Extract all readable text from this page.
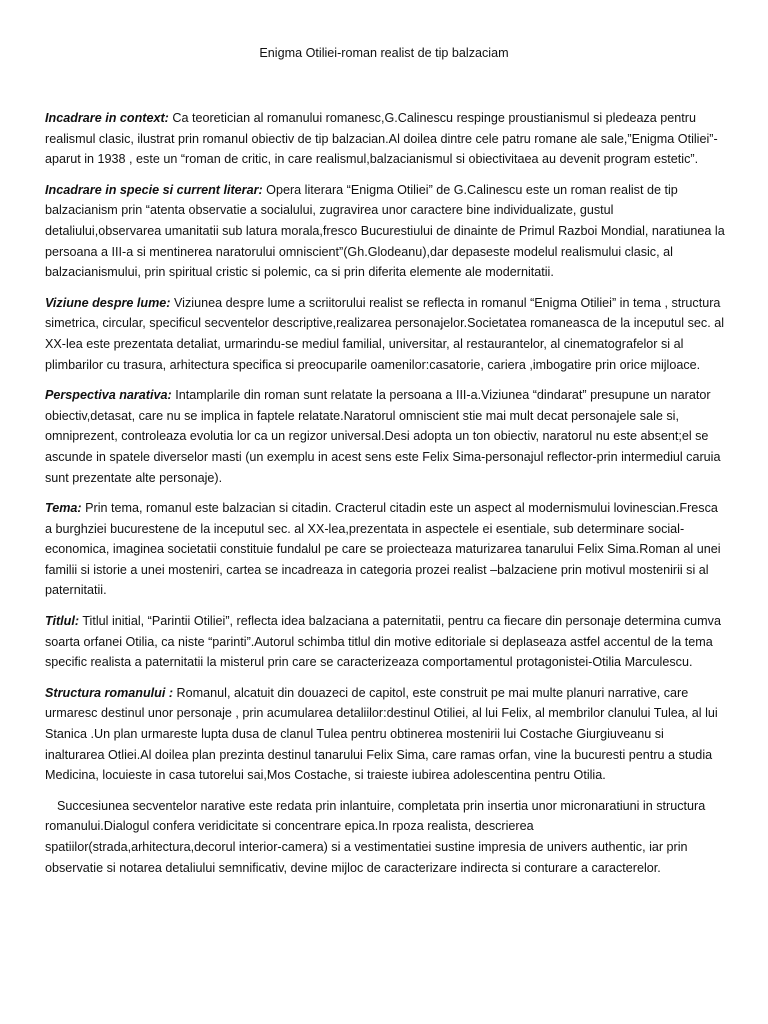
Enigma Otiliei-roman realist de tip balzaciam

Incadrare in context: Ca teoretician al romanului romanesc,G.Calinescu respinge proustianismul si pledeaza pentru realismul clasic, ilustrat prin romanul obiectiv de tip balzacian.Al doilea dintre cele patru romane ale sale,”Enigma Otiliei”-aparut in 1938 , este un “roman de critic, in care realismul,balzacianismul si obiectivitaea au devenit program estetic”.

Incadrare in specie si current literar: Opera literara “Enigma Otiliei” de G.Calinescu este un roman realist de tip balzacianism prin “atenta observatie a socialului, zugravirea unor caractere bine individualizate, gustul detaliului,observarea umanitatii sub latura morala,fresco Bucurestiului de dinainte de Primul Razboi Mondial, naratiunea la persoana a III-a si mentinerea naratorului omniscient”(Gh.Glodeanu),dar depaseste modelul realismului clasic, al balzacianismului, prin spiritual cristic si polemic, ca si prin diferita elemente ale modernitatii.

Viziune despre lume: Viziunea despre lume a scriitorului realist se reflecta in romanul “Enigma Otiliei” in tema , structura simetrica, circular, specificul secventelor descriptive,realizarea personajelor.Societatea romaneasca de la inceputul sec. al XX-lea este prezentata detaliat, urmarindu-se mediul familial, universitar, al restaurantelor, al cinematografelor si al plimbarilor cu trasura, arhitectura specifica si preocuparile oamenilor:casatorie, cariera ,imbogatire prin orice mijloace.

Perspectiva narativa: Intamplarile din roman sunt relatate la persoana a III-a.Viziunea “dindarat” presupune un narator obiectiv,detasat, care nu se implica in faptele relatate.Naratorul omniscient stie mai mult decat personajele sale si, omniprezent, controleaza evolutia lor ca un regizor universal.Desi adopta un ton obiectiv, naratorul nu este absent;el se ascunde in spatele diverselor masti (un exemplu in acest sens este Felix Sima-personajul reflector-prin intermediul caruia sunt prezentate alte personaje).

Tema: Prin tema, romanul este balzacian si citadin. Cracterul citadin este un aspect al modernismului lovinescian.Fresca a burghziei bucurestene de la inceputul sec. al XX-lea,prezentata in aspectele ei esentiale, sub determinare social-economica, imaginea societatii constituie fundalul pe care se proiecteaza maturizarea tanarului Felix Sima.Roman al unei familii si istorie a unei mosteniri, cartea se incadreaza in categoria prozei realist –balzaciene prin motivul mostenirii si al paternitatii.

Titlul: Titlul initial, “Parintii Otiliei”, reflecta idea balzaciana a paternitatii, pentru ca fiecare din personaje determina cumva soarta orfanei Otilia, ca niste “parinti”.Autorul schimba titlul din motive editoriale si deplaseaza astfel accentul de la tema specific realista a paternitatii la misterul prin care se caracterizeaza comportamentul protagonistei-Otilia Marculescu.

Structura romanului : Romanul, alcatuit din douazeci de capitol, este construit pe mai multe planuri narrative, care urmaresc destinul unor personaje , prin acumularea detaliilor:destinul Otiliei, al lui Felix, al membrilor clanului Tulea, al lui Stanica .Un plan urmareste lupta dusa de clanul Tulea pentru obtinerea mostenirii lui Costache Giurgiuveanu si inalturarea Otliei.Al doilea plan prezinta destinul tanarului Felix Sima, care ramas orfan, vine la bucuresti pentru a studia Medicina, locuieste in casa tutorelui sai,Mos Costache, si traieste iubirea adolescentina pentru Otilia.

Succesiunea secventelor narative este redata prin inlantuire, completata prin insertia unor micronaratiuni in structura romanului.Dialogul confera veridicitate si concentrare epica.In rpoza realista, descrierea spatiilor(strada,arhitectura,decorul interior-camera) si a vestimentatiei sustine impresia de univers authentic, iar prin observatie si notarea detaliului semnificativ, devine mijloc de caracterizare indirecta si conturare a caracterelor.
